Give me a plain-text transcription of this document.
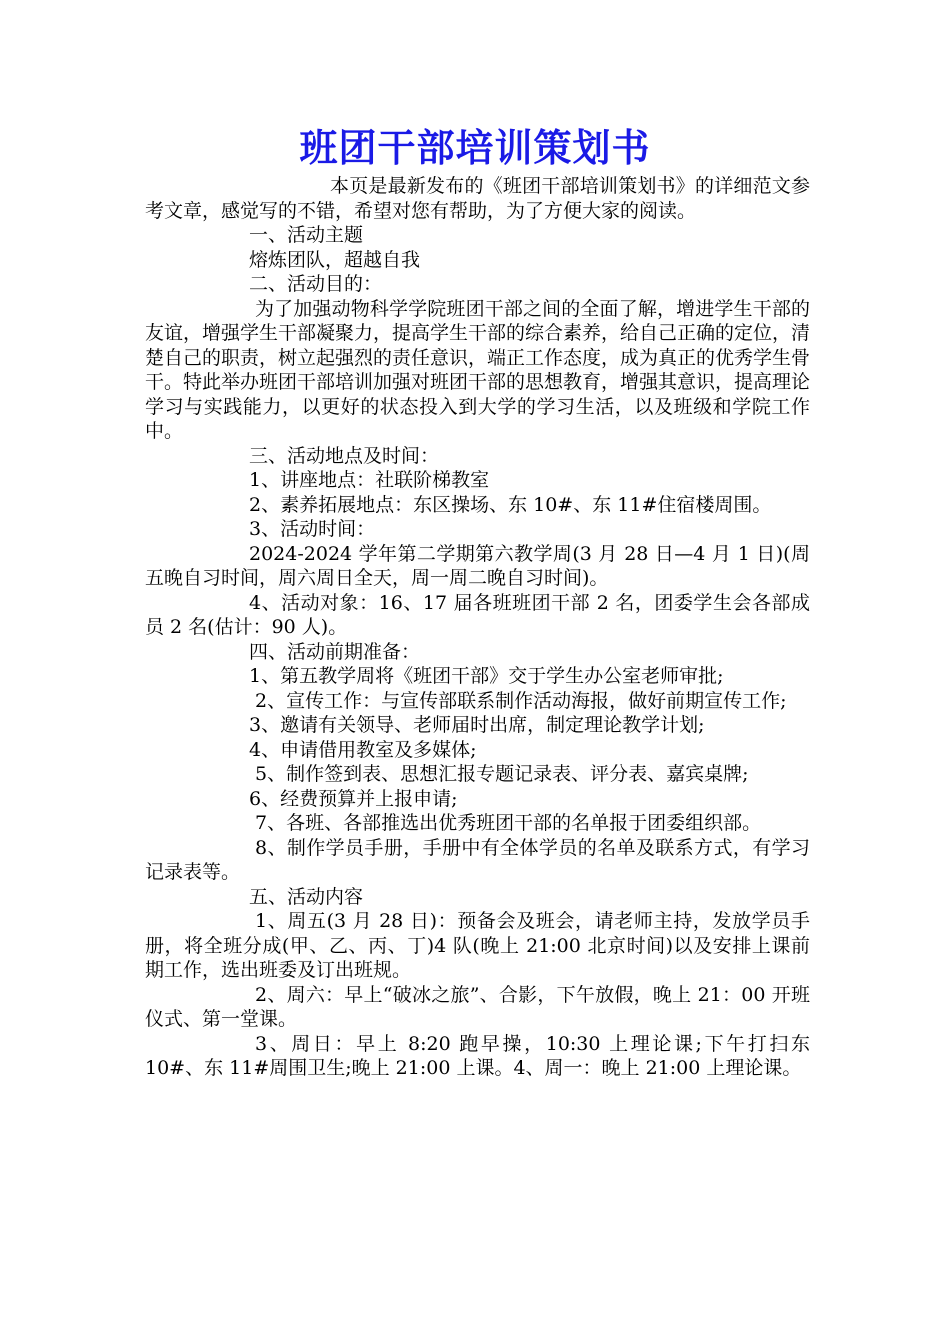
班团干部培训策划书

本页是最新发布的《班团干部培训策划书》的详细范文参考文章，感觉写的不错，希望对您有帮助，为了方便大家的阅读。

一、活动主题

熔炼团队，超越自我

二、活动目的：

为了加强动物科学学院班团干部之间的全面了解，增进学生干部的友谊，增强学生干部凝聚力，提高学生干部的综合素养，给自己正确的定位，清楚自己的职责，树立起强烈的责任意识，端正工作态度，成为真正的优秀学生骨干。特此举办班团干部培训加强对班团干部的思想教育，增强其意识，提高理论学习与实践能力，以更好的状态投入到大学的学习生活，以及班级和学院工作中。

三、活动地点及时间：

1、讲座地点：社联阶梯教室

2、素养拓展地点：东区操场、东 10#、东 11#住宿楼周围。

3、活动时间：

2024-2024 学年第二学期第六教学周(3 月 28 日—4 月 1 日)(周五晚自习时间，周六周日全天，周一周二晚自习时间)。

4、活动对象：16、17 届各班班团干部 2 名，团委学生会各部成员 2 名(估计：90 人)。

四、活动前期准备：

1、第五教学周将《班团干部》交于学生办公室老师审批;

2、宣传工作：与宣传部联系制作活动海报，做好前期宣传工作;

3、邀请有关领导、老师届时出席，制定理论教学计划;

4、申请借用教室及多媒体;

5、制作签到表、思想汇报专题记录表、评分表、嘉宾桌牌;

6、经费预算并上报申请;

7、各班、各部推选出优秀班团干部的名单报于团委组织部。

8、制作学员手册，手册中有全体学员的名单及联系方式，有学习记录表等。

五、活动内容

1、周五(3 月 28 日)：预备会及班会，请老师主持，发放学员手册，将全班分成(甲、乙、丙、丁)4 队(晚上 21:00 北京时间)以及安排上课前期工作，选出班委及订出班规。

2、周六：早上“破冰之旅”、合影，下午放假，晚上 21：00 开班仪式、第一堂课。

3、周日：早上 8:20 跑早操，10:30 上理论课;下午打扫东 10#、东 11#周围卫生;晚上 21:00 上课。4、周一：晚上 21:00 上理论课。
